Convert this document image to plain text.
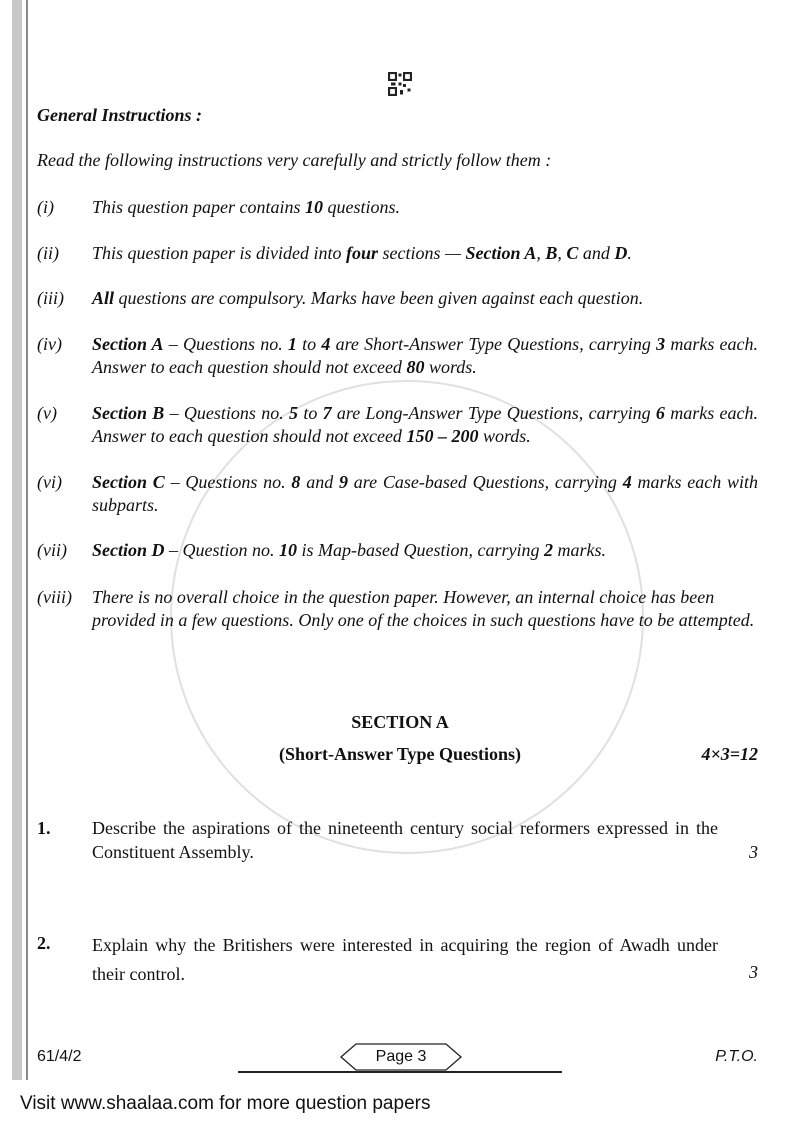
General Instructions :
Read the following instructions very carefully and strictly follow them :
(i)	This question paper contains 10 questions.
(ii)	This question paper is divided into four sections — Section A, B, C and D.
(iii)	All questions are compulsory. Marks have been given against each question.
(iv)	Section A – Questions no. 1 to 4 are Short-Answer Type Questions, carrying 3 marks each. Answer to each question should not exceed 80 words.
(v)	Section B – Questions no. 5 to 7 are Long-Answer Type Questions, carrying 6 marks each. Answer to each question should not exceed 150 – 200 words.
(vi)	Section C – Questions no. 8 and 9 are Case-based Questions, carrying 4 marks each with subparts.
(vii)	Section D – Question no. 10 is Map-based Question, carrying 2 marks.
(viii)	There is no overall choice in the question paper. However, an internal choice has been provided in a few questions. Only one of the choices in such questions have to be attempted.
SECTION A
(Short-Answer Type Questions)	4×3=12
1.	Describe the aspirations of the nineteenth century social reformers expressed in the Constituent Assembly.	3
2.	Explain why the Britishers were interested in acquiring the region of Awadh under their control.	3
61/4/2	Page 3	P.T.O.
Visit www.shaalaa.com for more question papers
